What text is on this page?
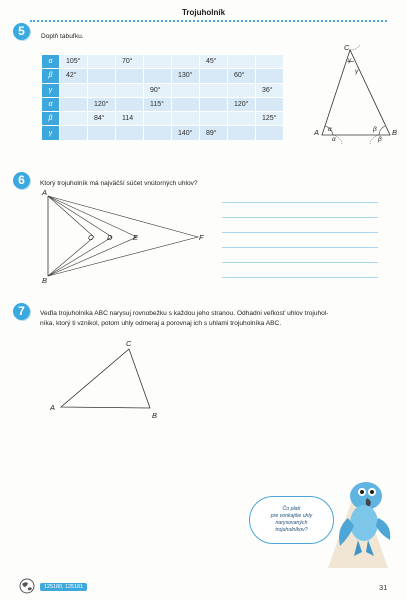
Trojuholník
5	Doplň tabuľku.
α	105°		70°			45°		
β	42°				130°		60°	
γ				90°				36°
α		120°		115°			120°	
β		84°	114					125°
γ					140°	89°		
C
A	B
γ
γ
α
α
β
β
6	Ktorý trojuholník má najväčší súčet vnútorných uhlov?
A
B
C D	E	F
7	Veďla trojuholníka ABC narysuj rovnobežku s každou jeho stranou. Odhadni veľkosť uhlov trojuhol-
níka, ktorý ti vznikol, potom uhly odmeraj a porovnaj ich s uhlami trojuholníka ABC.
C
A
B
Čo platí
pre vonkajšie uhly
narysovaných
trojuholníkov?
125180, 125181	31
